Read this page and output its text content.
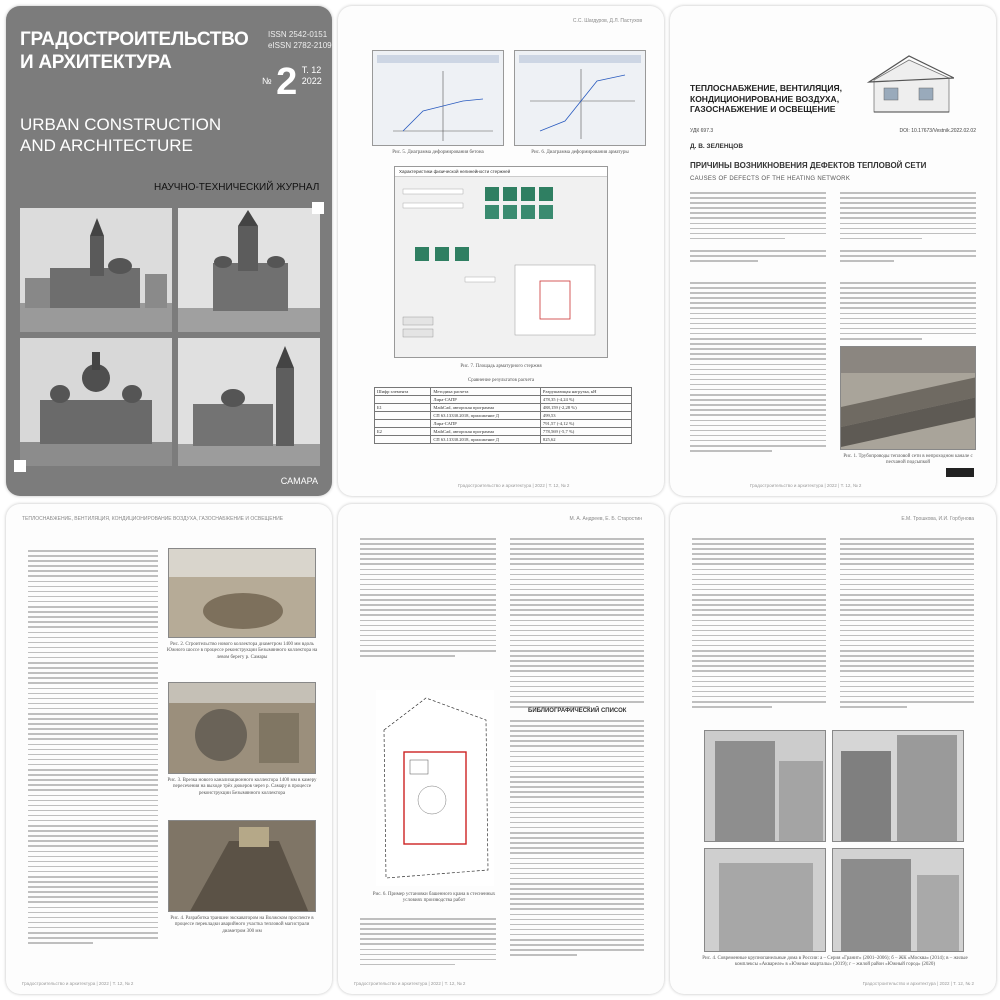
ГРАДОСТРОИТЕЛЬСТВО
И АРХИТЕКТУРА
ISSN 2542-0151
eISSN 2782-2109
№ 2 Т. 12
2022
URBAN CONSTRUCTION
AND ARCHITECTURE
НАУЧНО-ТЕХНИЧЕСКИЙ ЖУРНАЛ
САМАРА
С.С. Шагдуров, Д.Л. Пастухов
Рис. 5. Диаграмма деформирования бетона	Рис. 6. Диаграмма деформирования арматуры
Характеристики физической нелинейности стержней
Рис. 7. Площадь арматурного стержня
Сравнение результатов расчета
Шифр элемента	Методика расчета	Разрушающая нагрузка, кН
	Лира-САПР	478,35 (-4,24 %)
Б1	MathCad, авторская программа	488,159 (-2,28 %)
	СП 63.13330.2018, приложение Д	499,53
	Лира-САПР	791,57 (-4,12 %)
Б2	MathCad, авторская программа	778,569 (-5,7 %)
	СП 63.13330.2018, приложение Д	825,62
Градостроительство и архитектура | 2022 | Т. 12, № 2
ТЕПЛОСНАБЖЕНИЕ, ВЕНТИЛЯЦИЯ,
КОНДИЦИОНИРОВАНИЕ ВОЗДУХА,
ГАЗОСНАБЖЕНИЕ И ОСВЕЩЕНИЕ
УДК 697.3	DOI: 10.17673/Vestnik.2022.02.02
Д. В. ЗЕЛЕНЦОВ
ПРИЧИНЫ ВОЗНИКНОВЕНИЯ ДЕФЕКТОВ ТЕПЛОВОЙ СЕТИ
CAUSES OF DEFECTS OF THE HEATING NETWORK
Рис. 1. Трубопроводы тепловой сети в непроходном канале с песчаной подсыпкой
Градостроительство и архитектура | 2022 | Т. 12, № 2
ТЕПЛОСНАБЖЕНИЕ, ВЕНТИЛЯЦИЯ, КОНДИЦИОНИРОВАНИЕ ВОЗДУХА, ГАЗОСНАБЖЕНИЕ И ОСВЕЩЕНИЕ
Рис. 2. Строительство нового коллектора диаметром 1400 мм вдоль Южного шоссе в процессе реконструкции Безымянного коллектора на левом берегу р. Самары
Рис. 3. Врезка нового канализационного коллектора 1400 мм в камеру пересечения на выходе трёх дюкеров через р. Самару в процессе реконструкции Безымянного коллектора
Рис. 4. Разработка траншеи экскаватором на Волжском проспекте в процессе перекладки аварийного участка тепловой магистрали диаметром 300 мм
Градостроительство и архитектура | 2022 | Т. 12, № 2
М. А. Андреев, Е. Б. Старостин
Рис. 6. Пример установки башенного крана в стесненных условиях производства работ
БИБЛИОГРАФИЧЕСКИЙ СПИСОК
Градостроительство и архитектура | 2022 | Т. 12, № 2
Е.М. Трошкова, И.И. Горбунова
Рис. 4. Современные крупнопанельные дома в России: а – Серия «Гранит» (2001–2006); б – ЖК «Москва» (2014); в – жилые комплексы «Аквареле» в «Южные кварталы» (2019); г – жилой район «Южный город» (2020)
Градостроительство и архитектура | 2022 | Т. 12, № 2
